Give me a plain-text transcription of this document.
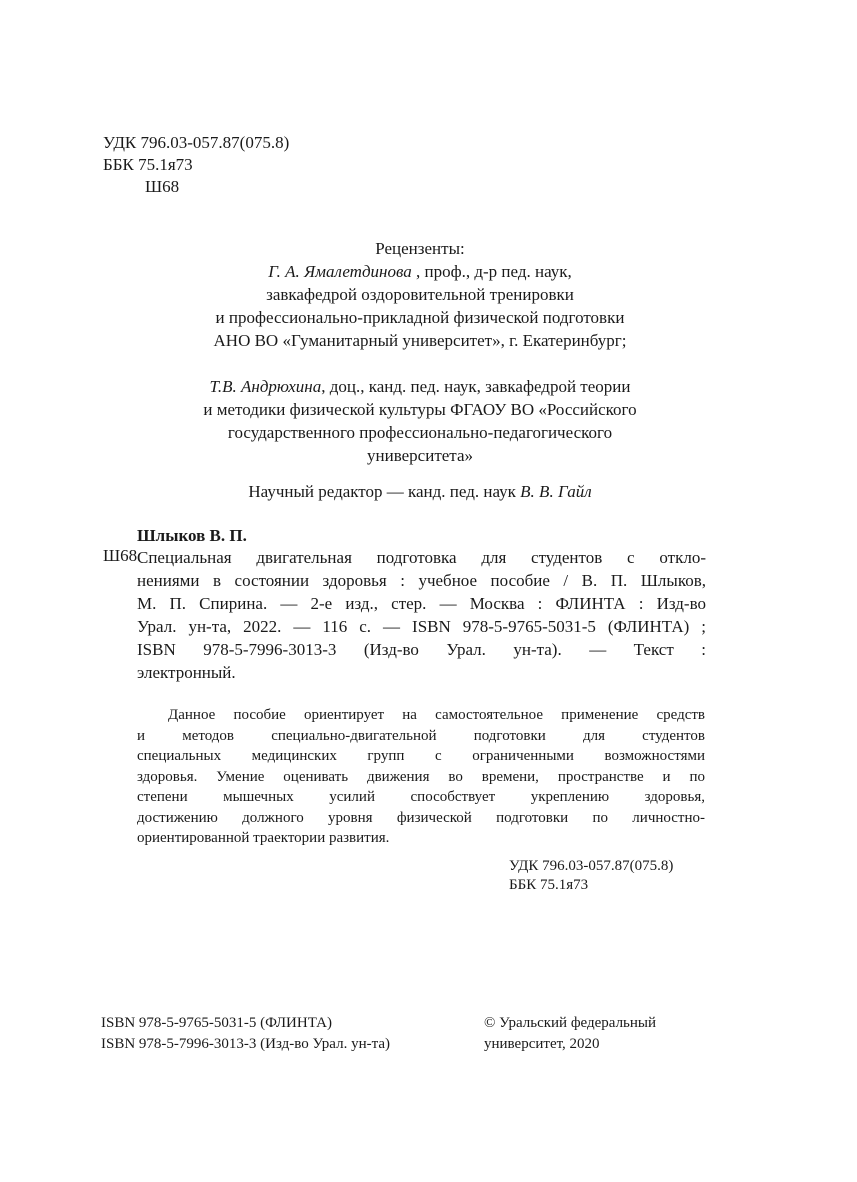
УДК 796.03-057.87(075.8)
ББК 75.1я73
Ш68
Рецензенты:
Г. А. Ямалетдинова , проф., д-р пед. наук,
завкафедрой оздоровительной тренировки
и профессионально-прикладной физической подготовки
АНО ВО «Гуманитарный университет», г. Екатеринбург;
Т.В. Андрюхина, доц., канд. пед. наук, завкафедрой теории
и методики физической культуры ФГАОУ ВО «Российского
государственного профессионально-педагогического
университета»
Научный редактор — канд. пед. наук В. В. Гайл
Шлыков В. П.
Ш68 Специальная двигательная подготовка для студентов с откло-
нениями в состоянии здоровья : учебное пособие / В. П. Шлыков,
М. П. Спирина. — 2-е изд., стер. — Москва : ФЛИНТА : Изд-во
Урал. ун-та, 2022. — 116 с. — ISBN 978-5-9765-5031-5 (ФЛИНТА) ;
ISBN 978-5-7996-3013-3 (Изд-во Урал. ун-та). — Текст :
электронный.
Данное пособие ориентирует на самостоятельное применение средств
и методов специально-двигательной подготовки для студентов
специальных медицинских групп с ограниченными возможностями
здоровья. Умение оценивать движения во времени, пространстве и по
степени мышечных усилий способствует укреплению здоровья,
достижению должного уровня физической подготовки по личностно-
ориентированной траектории развития.
УДК 796.03-057.87(075.8)
ББК 75.1я73
ISBN 978-5-9765-5031-5 (ФЛИНТА)
ISBN 978-5-7996-3013-3 (Изд-во Урал. ун-та)
© Уральский федеральный
университет, 2020
